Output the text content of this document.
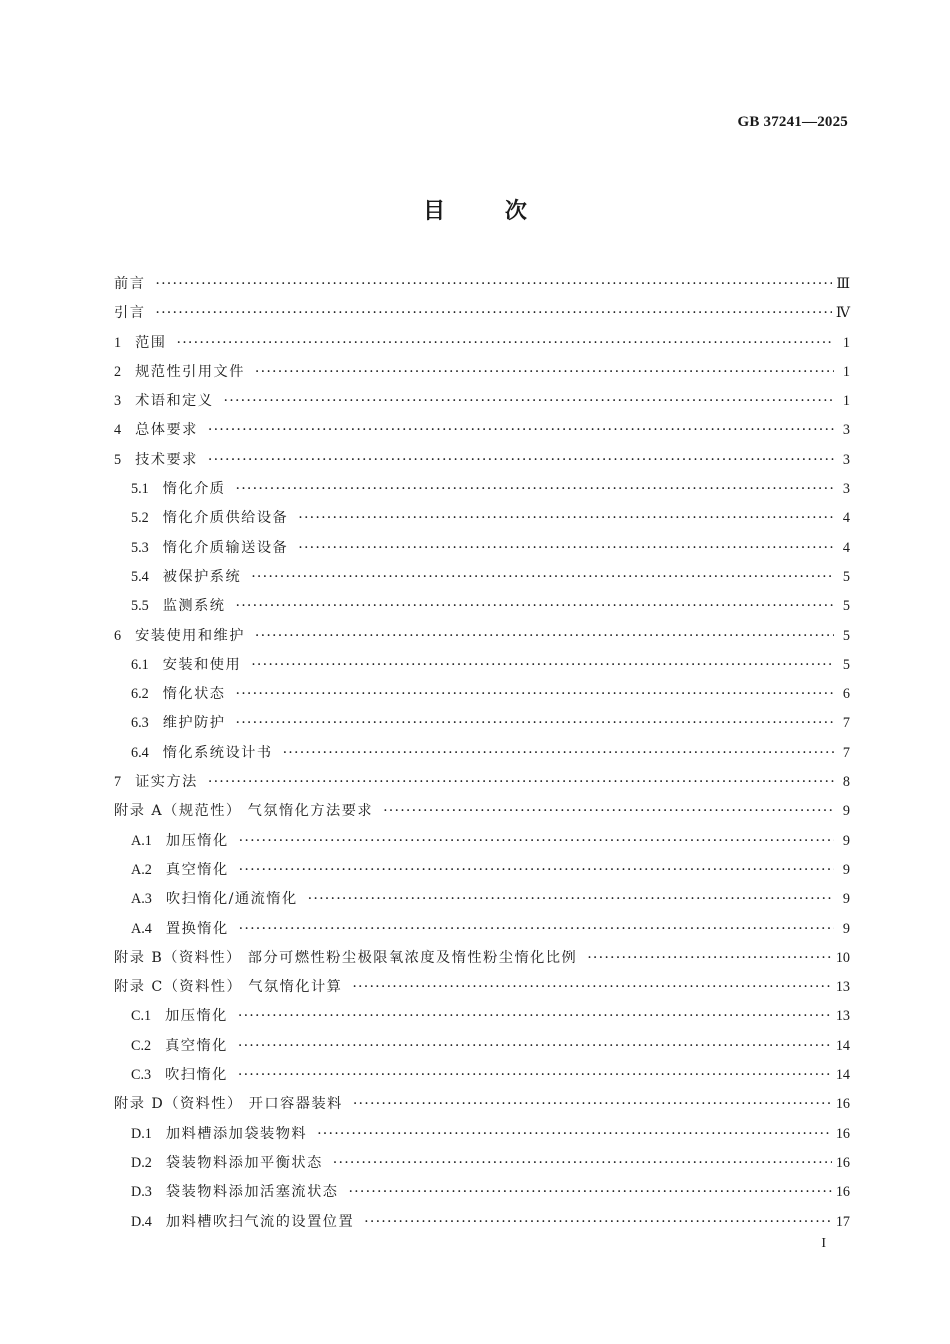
GB 37241—2025
目 次
前言 ·····	Ⅲ
引言 ·····	Ⅳ
1 范围 ·····	1
2 规范性引用文件 ·····	1
3 术语和定义 ·····	1
4 总体要求 ·····	3
5 技术要求 ·····	3
5.1 惰化介质 ·····	3
5.2 惰化介质供给设备 ·····	4
5.3 惰化介质输送设备 ·····	4
5.4 被保护系统 ·····	5
5.5 监测系统 ·····	5
6 安装使用和维护 ·····	5
6.1 安装和使用 ·····	5
6.2 惰化状态 ·····	6
6.3 维护防护 ·····	7
6.4 惰化系统设计书 ·····	7
7 证实方法 ·····	8
附录 A（规范性） 气氛惰化方法要求 ·····	9
A.1 加压惰化 ·····	9
A.2 真空惰化 ·····	9
A.3 吹扫惰化/通流惰化 ·····	9
A.4 置换惰化 ·····	9
附录 B（资料性） 部分可燃性粉尘极限氧浓度及惰性粉尘惰化比例 ·····	10
附录 C（资料性） 气氛惰化计算 ·····	13
C.1 加压惰化 ·····	13
C.2 真空惰化 ·····	14
C.3 吹扫惰化 ·····	14
附录 D（资料性） 开口容器装料 ·····	16
D.1 加料槽添加袋装物料 ·····	16
D.2 袋装物料添加平衡状态 ·····	16
D.3 袋装物料添加活塞流状态 ·····	16
D.4 加料槽吹扫气流的设置位置 ·····	17
I
